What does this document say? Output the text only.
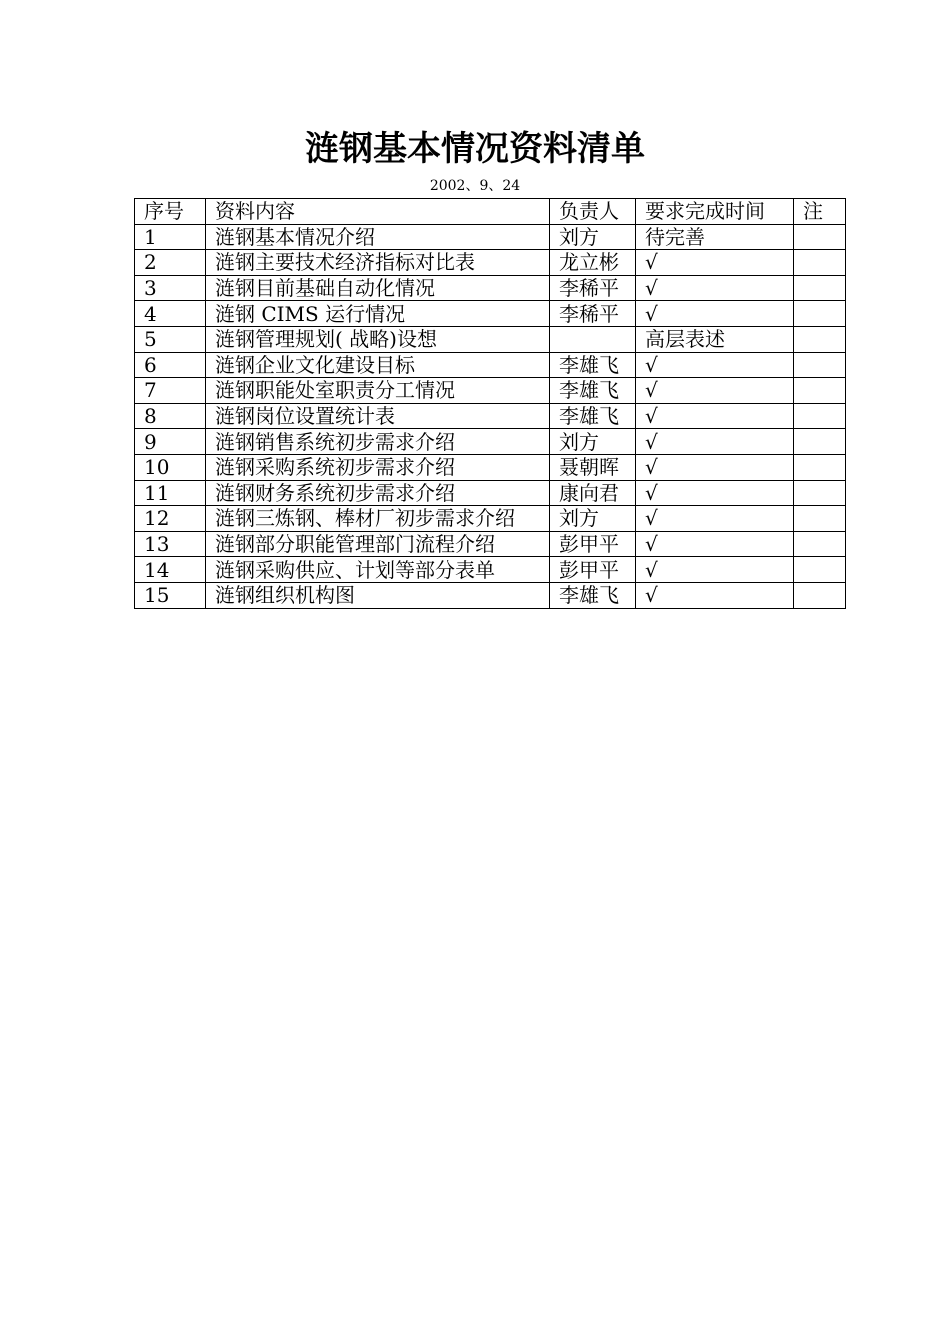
涟钢基本情况资料清单
2002、9、24
序号	资料内容	负责人	要求完成时间	注
1	涟钢基本情况介绍	刘方	待完善	
2	涟钢主要技术经济指标对比表	龙立彬	√	
3	涟钢目前基础自动化情况	李稀平	√	
4	涟钢 CIMS 运行情况	李稀平	√	
5	涟钢管理规划( 战略)设想		高层表述	
6	涟钢企业文化建设目标	李雄飞	√	
7	涟钢职能处室职责分工情况	李雄飞	√	
8	涟钢岗位设置统计表	李雄飞	√	
9	涟钢销售系统初步需求介绍	刘方	√	
10	涟钢采购系统初步需求介绍	聂朝晖	√	
11	涟钢财务系统初步需求介绍	康向君	√	
12	涟钢三炼钢、棒材厂初步需求介绍	刘方	√	
13	涟钢部分职能管理部门流程介绍	彭甲平	√	
14	涟钢采购供应、计划等部分表单	彭甲平	√	
15	涟钢组织机构图	李雄飞	√	
